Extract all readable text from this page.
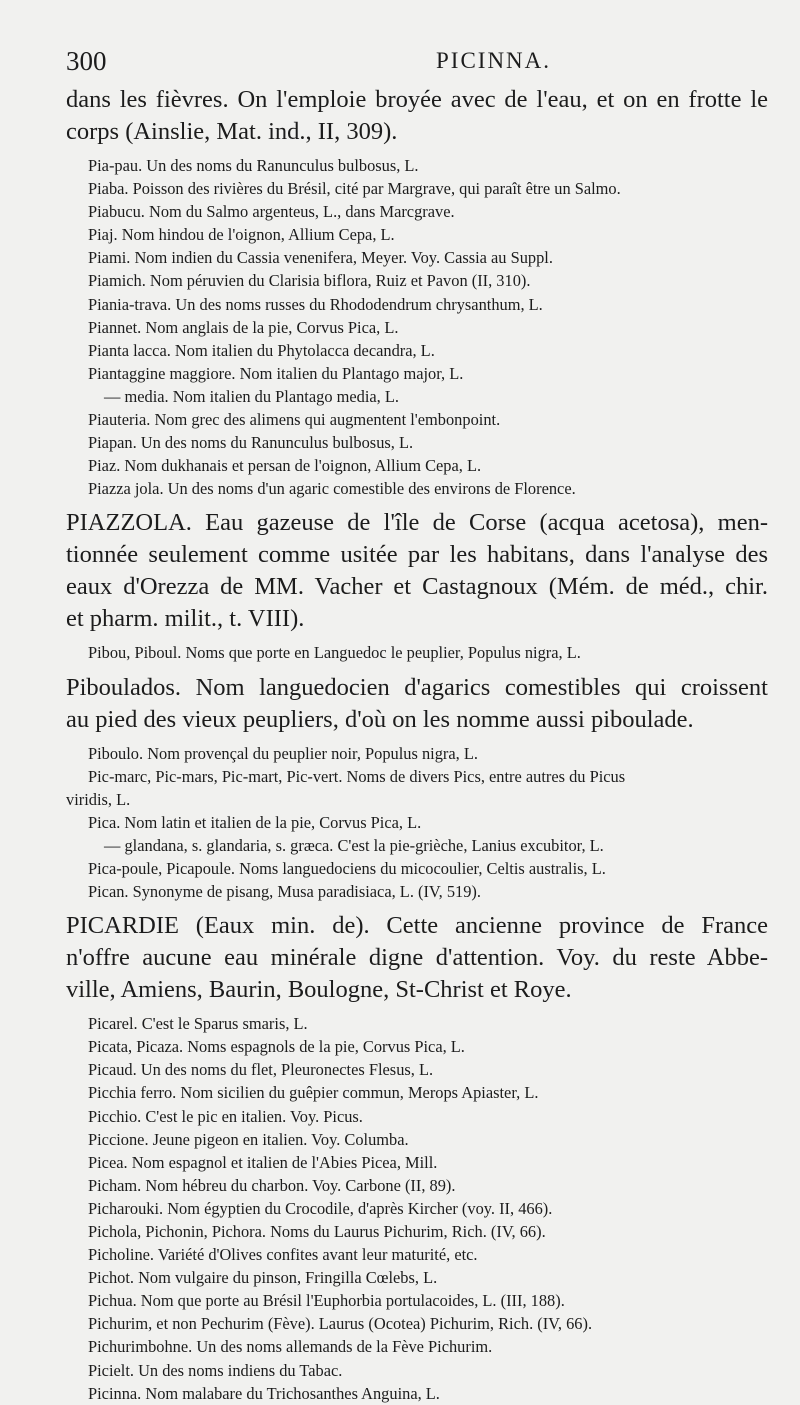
300	PICINNA.
dans les fièvres. On l'emploie broyée avec de l'eau, et on en frotte le
corps (Ainslie, Mat. ind., II, 309).
Pia-pau. Un des noms du Ranunculus bulbosus, L.
Piaba. Poisson des rivières du Brésil, cité par Margrave, qui paraît être un Salmo.
Piabucu. Nom du Salmo argenteus, L., dans Marcgrave.
Piaj. Nom hindou de l'oignon, Allium Cepa, L.
Piami. Nom indien du Cassia venenifera, Meyer. Voy. Cassia au Suppl.
Piamich. Nom péruvien du Clarisia biflora, Ruiz et Pavon (II, 310).
Piania-trava. Un des noms russes du Rhododendrum chrysanthum, L.
Piannet. Nom anglais de la pie, Corvus Pica, L.
Pianta lacca. Nom italien du Phytolacca decandra, L.
Piantaggine maggiore. Nom italien du Plantago major, L.
— media. Nom italien du Plantago media, L.
Piauteria. Nom grec des alimens qui augmentent l'embonpoint.
Piapan. Un des noms du Ranunculus bulbosus, L.
Piaz. Nom dukhanais et persan de l'oignon, Allium Cepa, L.
Piazza jola. Un des noms d'un agaric comestible des environs de Florence.
PIAZZOLA. Eau gazeuse de l'île de Corse (acqua acetosa), men-
tionnée seulement comme usitée par les habitans, dans l'analyse des
eaux d'Orezza de MM. Vacher et Castagnoux (Mém. de méd., chir.
et pharm. milit., t. VIII).
Pibou, Piboul. Noms que porte en Languedoc le peuplier, Populus nigra, L.
Piboulados. Nom languedocien d'agarics comestibles qui croissent
au pied des vieux peupliers, d'où on les nomme aussi piboulade.
Piboulo. Nom provençal du peuplier noir, Populus nigra, L.
Pic-marc, Pic-mars, Pic-mart, Pic-vert. Noms de divers Pics, entre autres du Picus
viridis, L.
Pica. Nom latin et italien de la pie, Corvus Pica, L.
— glandana, s. glandaria, s. græca. C'est la pie-grièche, Lanius excubitor, L.
Pica-poule, Picapoule. Noms languedociens du micocoulier, Celtis australis, L.
Pican. Synonyme de pisang, Musa paradisiaca, L. (IV, 519).
PICARDIE (Eaux min. de). Cette ancienne province de France
n'offre aucune eau minérale digne d'attention. Voy. du reste Abbe-
ville, Amiens, Baurin, Boulogne, St-Christ et Roye.
Picarel. C'est le Sparus smaris, L.
Picata, Picaza. Noms espagnols de la pie, Corvus Pica, L.
Picaud. Un des noms du flet, Pleuronectes Flesus, L.
Picchia ferro. Nom sicilien du guêpier commun, Merops Apiaster, L.
Picchio. C'est le pic en italien. Voy. Picus.
Piccione. Jeune pigeon en italien. Voy. Columba.
Picea. Nom espagnol et italien de l'Abies Picea, Mill.
Picham. Nom hébreu du charbon. Voy. Carbone (II, 89).
Picharouki. Nom égyptien du Crocodile, d'après Kircher (voy. II, 466).
Pichola, Pichonin, Pichora. Noms du Laurus Pichurim, Rich. (IV, 66).
Picholine. Variété d'Olives confites avant leur maturité, etc.
Pichot. Nom vulgaire du pinson, Fringilla Cœlebs, L.
Pichua. Nom que porte au Brésil l'Euphorbia portulacoides, L. (III, 188).
Pichurim, et non Pechurim (Fève). Laurus (Ocotea) Pichurim, Rich. (IV, 66).
Pichurimbohne. Un des noms allemands de la Fève Pichurim.
Picielt. Un des noms indiens du Tabac.
Picinna. Nom malabare du Trichosanthes Anguina, L.
